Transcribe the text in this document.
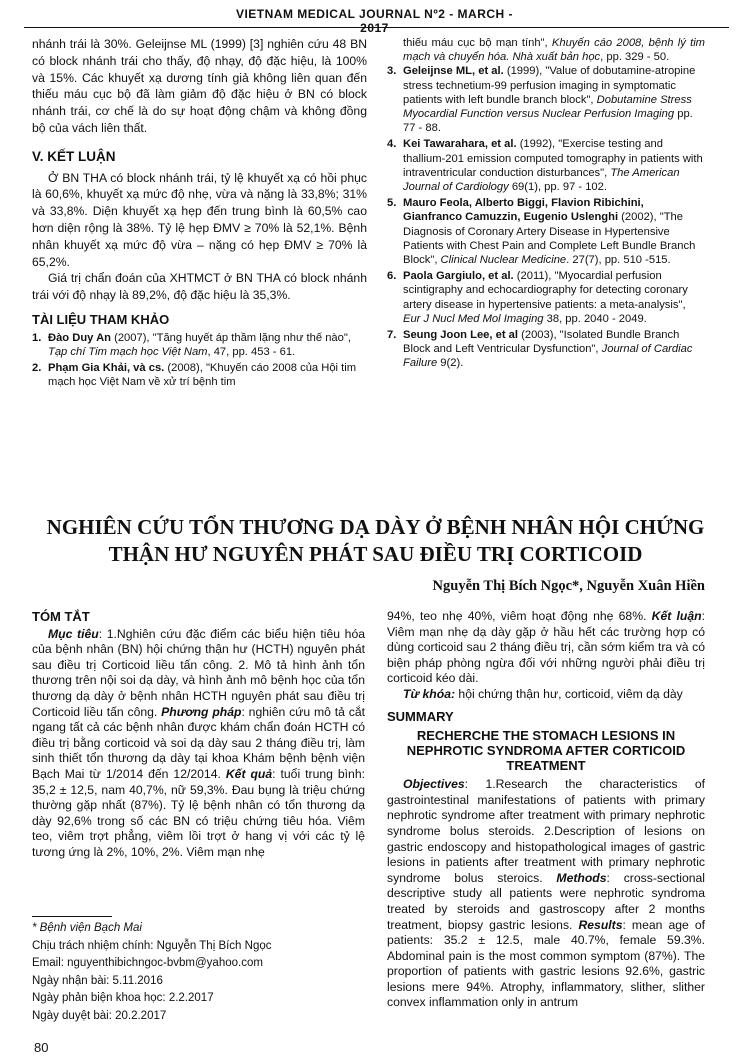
VIETNAM MEDICAL JOURNAL Nº2 - MARCH - 2017

nhánh trái là 30%. Geleijnse ML (1999) [3] nghiên cứu 48 BN có block nhánh trái cho thấy, độ nhạy, độ đặc hiệu, là 100% và 15%. Các khuyết xạ dương tính giả không liên quan đến thiếu máu cục bộ đã làm giảm độ đặc hiệu ở BN có block nhánh trái, cơ chế là do sự hoạt động chậm và không đồng bộ của vách liên thất.

V. KẾT LUẬN

Ở BN THA có block nhánh trái, tỷ lệ khuyết xạ có hồi phục là 60,6%, khuyết xạ mức độ nhẹ, vừa và nặng là 33,8%; 31% và 33,8%. Diện khuyết xạ hẹp đến trung bình là 60,5% cao hơn diện rộng là 38%. Tỷ lệ hẹp ĐMV ≥ 70% là 52,1%. Bệnh nhân khuyết xạ mức độ vừa – nặng có hẹp ĐMV ≥ 70% là 65,2%.

Giá trị chẩn đoán của XHTMCT ở BN THA có block nhánh trái với độ nhạy là 89,2%, độ đặc hiệu là 35,3%.

TÀI LIỆU THAM KHẢO
1. Đào Duy An (2007), "Tăng huyết áp thầm lặng như thế nào", Tạp chí Tim mạch học Việt Nam, 47, pp. 453 - 61.
2. Phạm Gia Khải, và cs. (2008), "Khuyến cáo 2008 của Hội tim mạch học Việt Nam về xử trí bệnh tim
thiếu máu cục bộ mạn tính", Khuyến cáo 2008, bệnh lý tim mạch và chuyển hóa. Nhà xuất bản học, pp. 329 - 50.
3. Geleijnse ML, et al. (1999), "Value of dobutamine-atropine stress technetium-99 perfusion imaging in symptomatic patients with left bundle branch block", Dobutamine Stress Myocardial Function versus Nuclear Perfusion Imaging pp. 77 - 88.
4. Kei Tawarahara, et al. (1992), "Exercise testing and thallium-201 emission computed tomography in patients with intraventricular conduction disturbances", The American Journal of Cardiology 69(1), pp. 97 - 102.
5. Mauro Feola, Alberto Biggi, Flavion Ribichini, Gianfranco Camuzzin, Eugenio Uslenghi (2002), "The Diagnosis of Coronary Artery Disease in Hypertensive Patients with Chest Pain and Complete Left Bundle Branch Block", Clinical Nuclear Medicine. 27(7), pp. 510 -515.
6. Paola Gargiulo, et al. (2011), "Myocardial perfusion scintigraphy and echocardiography for detecting coronary artery disease in hypertensive patients: a meta-analysis", Eur J Nucl Med Mol Imaging 38, pp. 2040 - 2049.
7. Seung Joon Lee, et al (2003), "Isolated Bundle Branch Block and Left Ventricular Dysfunction", Journal of Cardiac Failure 9(2).
NGHIÊN CỨU TỔN THƯƠNG DẠ DÀY Ở BỆNH NHÂN HỘI CHỨNG
THẬN HƯ NGUYÊN PHÁT SAU ĐIỀU TRỊ CORTICOID
Nguyễn Thị Bích Ngọc*, Nguyễn Xuân Hiền
TÓM TẮT

Mục tiêu: 1.Nghiên cứu đặc điểm các biểu hiện tiêu hóa của bệnh nhân (BN) hội chứng thận hư (HCTH) nguyên phát sau điều trị Corticoid liều tấn công. 2. Mô tả hình ảnh tổn thương trên nội soi dạ dày, và hình ảnh mô bệnh học của tổn thương dạ dày ở bệnh nhân HCTH nguyên phát sau điều trị Corticoid liều tấn công. Phương pháp: nghiên cứu mô tả cắt ngang tất cả các bệnh nhân được khám chẩn đoán HCTH có điều trị bằng corticoid và soi dạ dày sau 2 tháng điều trị, làm sinh thiết tổn thương dạ dày tại khoa Khám bệnh bệnh viện Bạch Mai từ 1/2014 đến 12/2014. Kết quả: tuổi trung bình: 35,2 ± 12,5, nam 40,7%, nữ 59,3%. Đau bụng là triệu chứng thường gặp nhất (87%). Tỷ lệ bệnh nhân có tổn thương dạ dày 92,6% trong số các BN có triệu chứng tiêu hóa. Viêm teo, viêm trợt phẳng, viêm lồi trợt ở hang vị với các tỷ lệ tương ứng là 2%, 10%, 2%. Viêm mạn nhẹ

94%, teo nhẹ 40%, viêm hoạt động nhẹ 68%. Kết luận: Viêm mạn nhẹ dạ dày gặp ở hầu hết các trường hợp có dùng corticoid sau 2 tháng điều trị, cần sớm kiểm tra và có biện pháp phòng ngừa đối với những người phải điều trị corticoid kéo dài.

Từ khóa: hội chứng thận hư, corticoid, viêm dạ dày

SUMMARY
RECHERCHE THE STOMACH LESIONS IN NEPHROTIC SYNDROMA AFTER CORTICOID TREATMENT

Objectives: 1.Research the characteristics of gastrointestinal manifestations of patients with primary nephrotic syndrome after treatment with primary nephrotic syndrome bolus steroids. 2.Description of lesions on gastric endoscopy and histopathological images of gastric lesions in patients after treatment with primary nephrotic syndrome bolus steroics. Methods: cross-sectional descriptive study all patients were nephrotic syndroma treated by steroids and gastroscopy after 2 months treatment, biopsy gastric lesions. Results: mean age of patients: 35.2 ± 12.5, male 40.7%, female 59.3%. Abdominal pain is the most common symptom (87%). The proportion of patients with gastric lesions 92.6%, gastric lesions mere 94%. Atrophy, inflammatory, slither, slither convex inflammation only in antrum

* Bệnh viện Bạch Mai
Chịu trách nhiệm chính: Nguyễn Thị Bích Ngọc
Email: nguyenthibichngoc-bvbm@yahoo.com
Ngày nhận bài: 5.11.2016
Ngày phản biện khoa học: 2.2.2017
Ngày duyệt bài: 20.2.2017
80
